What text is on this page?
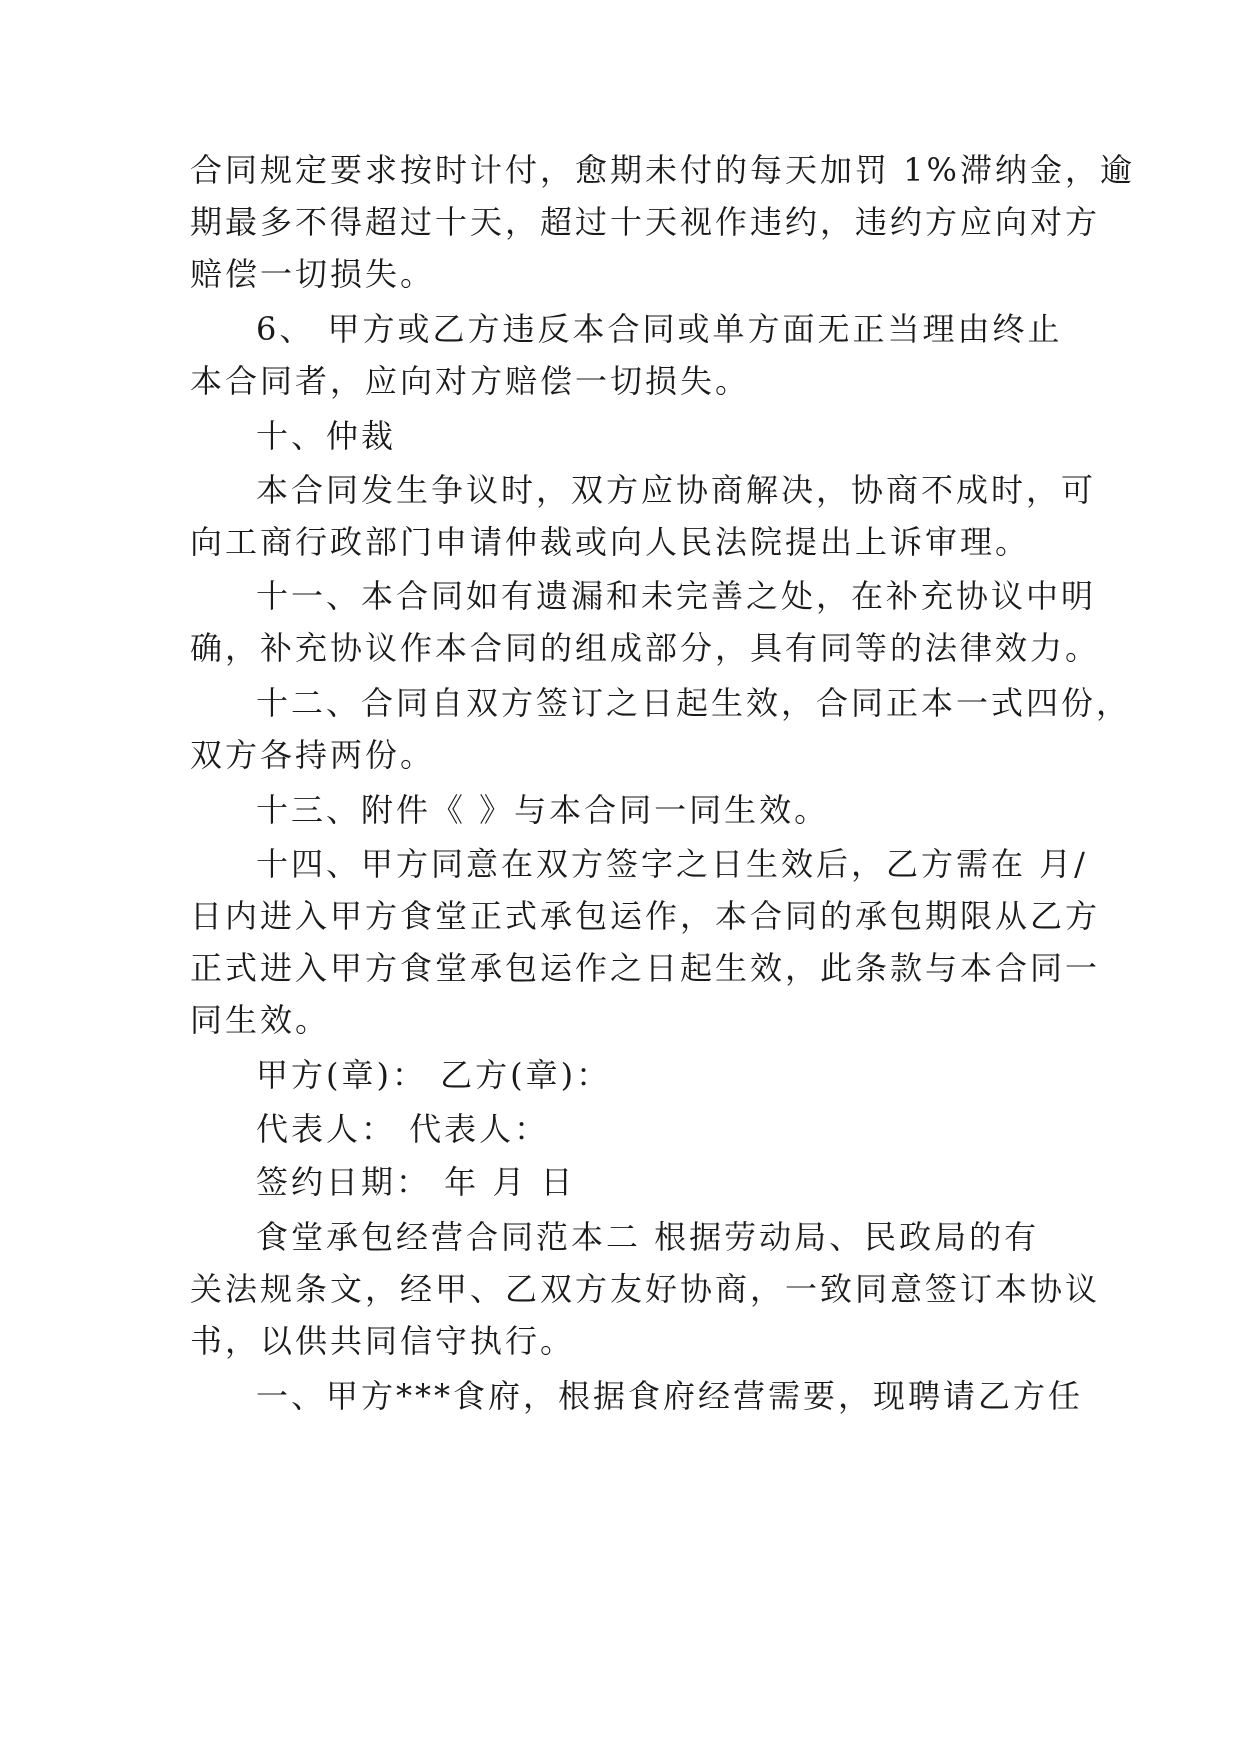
合同规定要求按时计付，愈期未付的每天加罚 1%滞纳金，逾
期最多不得超过十天，超过十天视作违约，违约方应向对方
赔偿一切损失。
6、 甲方或乙方违反本合同或单方面无正当理由终止
本合同者，应向对方赔偿一切损失。
十、仲裁
本合同发生争议时，双方应协商解决，协商不成时，可
向工商行政部门申请仲裁或向人民法院提出上诉审理。
十一、本合同如有遗漏和未完善之处，在补充协议中明
确，补充协议作本合同的组成部分，具有同等的法律效力。
十二、合同自双方签订之日起生效，合同正本一式四份，
双方各持两份。
十三、附件《 》与本合同一同生效。
十四、甲方同意在双方签字之日生效后，乙方需在 月/
日内进入甲方食堂正式承包运作，本合同的承包期限从乙方
正式进入甲方食堂承包运作之日起生效，此条款与本合同一
同生效。
甲方(章)： 乙方(章)：
代表人： 代表人：
签约日期： 年 月 日
食堂承包经营合同范本二 根据劳动局、民政局的有
关法规条文，经甲、乙双方友好协商，一致同意签订本协议
书，以供共同信守执行。
一、甲方***食府，根据食府经营需要，现聘请乙方任
